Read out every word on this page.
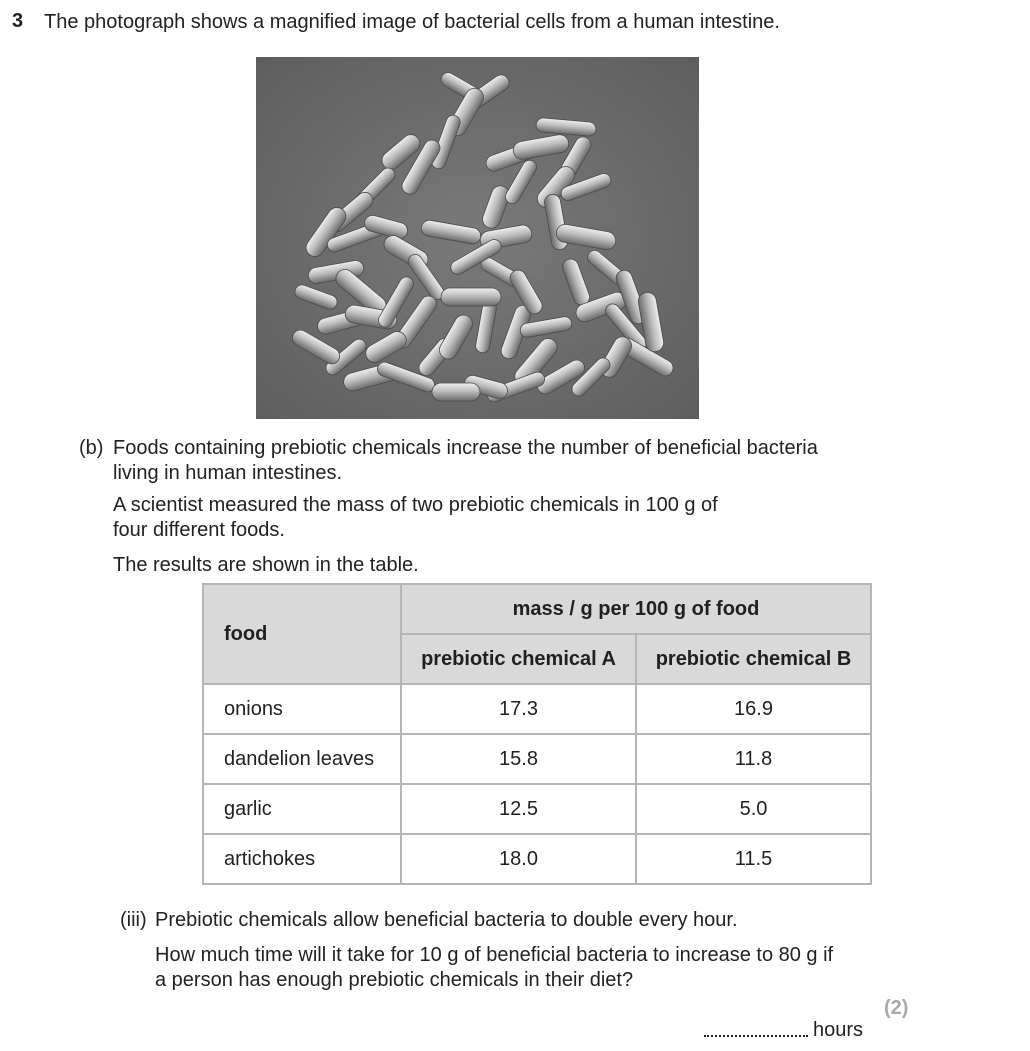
3 The photograph shows a magnified image of bacterial cells from a human intestine.
(b) Foods containing prebiotic chemicals increase the number of beneficial bacteria
living in human intestines.
A scientist measured the mass of two prebiotic chemicals in 100 g of
four different foods.
The results are shown in the table.
food	mass / g per 100 g of food	
	prebiotic chemical A	prebiotic chemical B
onions	17.3	16.9
dandelion leaves	15.8	11.8
garlic	12.5	5.0
artichokes	18.0	11.5
(iii) Prebiotic chemicals allow beneficial bacteria to double every hour.
How much time will it take for 10 g of beneficial bacteria to increase to 80 g if
a person has enough prebiotic chemicals in their diet?
(2)
hours
